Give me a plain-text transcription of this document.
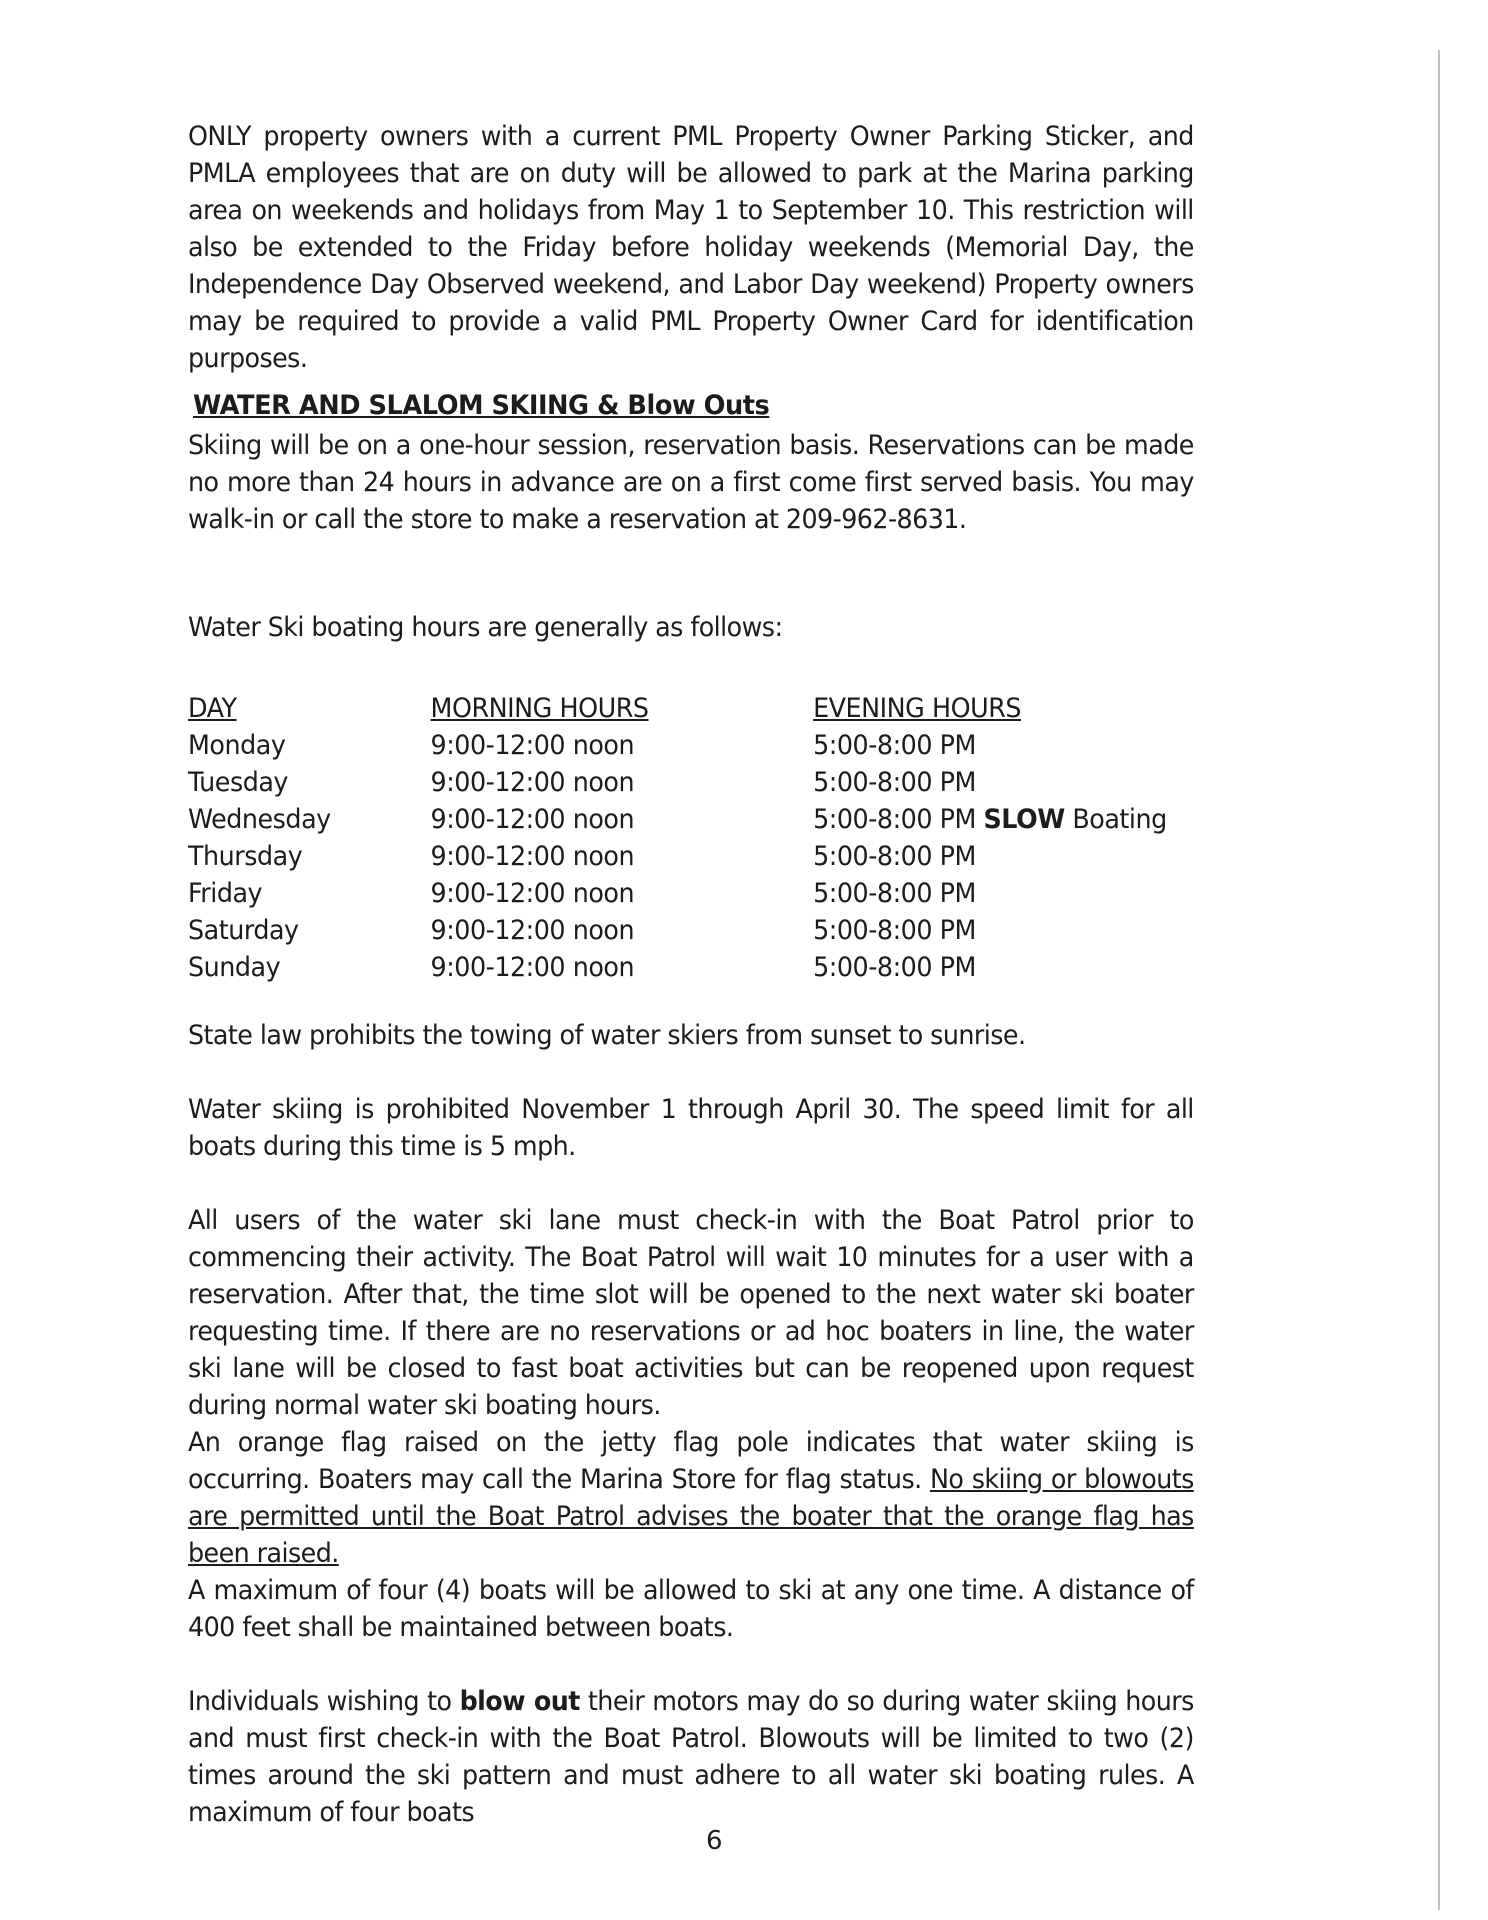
ONLY property owners with a current PML Property Owner Parking Sticker, and PMLA employees that are on duty will be allowed to park at the Marina parking area on weekends and holidays from May 1 to September 10. This restriction will also be extended to the Friday before holiday weekends (Memorial Day, the Independence Day Observed weekend, and Labor Day weekend) Property owners may be required to provide a valid PML Property Owner Card for identification purposes.

WATER AND SLALOM SKIING & Blow Outs

Skiing will be on a one-hour session, reservation basis. Reservations can be made no more than 24 hours in advance are on a first come first served basis. You may walk-in or call the store to make a reservation at 209-962-8631.

Water Ski boating hours are generally as follows:

DAY	MORNING HOURS	EVENING HOURS
Monday	9:00-12:00 noon	5:00-8:00 PM
Tuesday	9:00-12:00 noon	5:00-8:00 PM
Wednesday	9:00-12:00 noon	5:00-8:00 PM SLOW Boating
Thursday	9:00-12:00 noon	5:00-8:00 PM
Friday	9:00-12:00 noon	5:00-8:00 PM
Saturday	9:00-12:00 noon	5:00-8:00 PM
Sunday	9:00-12:00 noon	5:00-8:00 PM

State law prohibits the towing of water skiers from sunset to sunrise.

Water skiing is prohibited November 1 through April 30. The speed limit for all boats during this time is 5 mph.

All users of the water ski lane must check-in with the Boat Patrol prior to commencing their activity. The Boat Patrol will wait 10 minutes for a user with a reservation. After that, the time slot will be opened to the next water ski boater requesting time. If there are no reservations or ad hoc boaters in line, the water ski lane will be closed to fast boat activities but can be reopened upon request during normal water ski boating hours.

An orange flag raised on the jetty flag pole indicates that water skiing is occurring. Boaters may call the Marina Store for flag status. No skiing or blowouts are permitted until the Boat Patrol advises the boater that the orange flag has been raised.

A maximum of four (4) boats will be allowed to ski at any one time. A distance of 400 feet shall be maintained between boats.

Individuals wishing to blow out their motors may do so during water skiing hours and must first check-in with the Boat Patrol. Blowouts will be limited to two (2) times around the ski pattern and must adhere to all water ski boating rules. A maximum of four boats

6
